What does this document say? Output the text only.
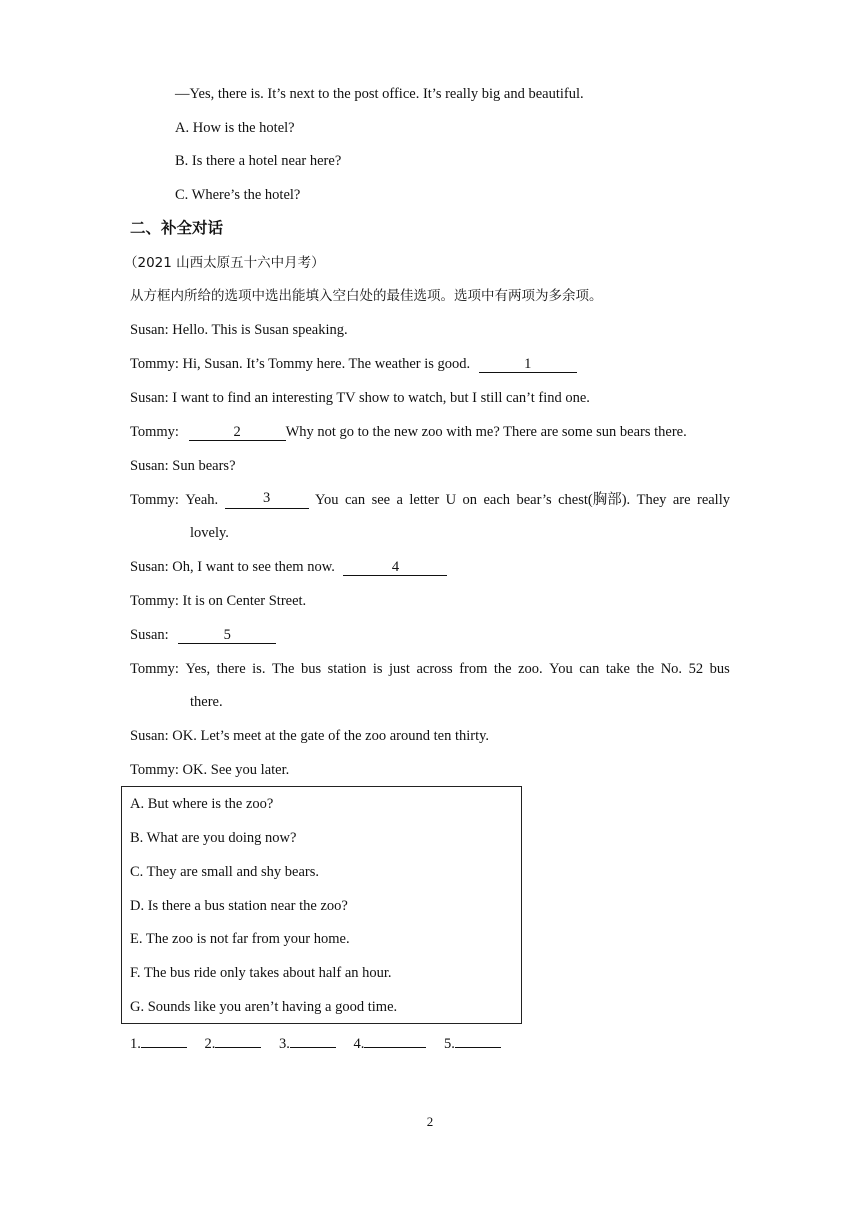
—Yes, there is. It’s next to the post office. It’s really big and beautiful.
A. How is the hotel?
B. Is there a hotel near here?
C. Where’s the hotel?
二、补全对话
（2021 山西太原五十六中月考）
从方框内所给的选项中选出能填入空白处的最佳选项。选项中有两项为多余项。
Susan: Hello. This is Susan speaking.
Tommy: Hi, Susan. It’s Tommy here. The weather is good.	1
Susan: I want to find an interesting TV show to watch, but I still can’t find one.
Tommy:	2	Why not go to the new zoo with me? There are some sun bears there.
Susan: Sun bears?
Tommy: Yeah.	3	You can see a letter U on each bear’s chest(胸部). They are really
lovely.
Susan: Oh, I want to see them now.	4
Tommy: It is on Center Street.
Susan:	5
Tommy: Yes, there is. The bus station is just across from the zoo. You can take the No. 52 bus
there.
Susan: OK. Let’s meet at the gate of the zoo around ten thirty.
Tommy: OK. See you later.
A. But where is the zoo?
B. What are you doing now?
C. They are small and shy bears.
D. Is there a bus station near the zoo?
E. The zoo is not far from your home.
F. The bus ride only takes about half an hour.
G. Sounds like you aren’t having a good time.
1.	2.	3.	4.	5.
2
